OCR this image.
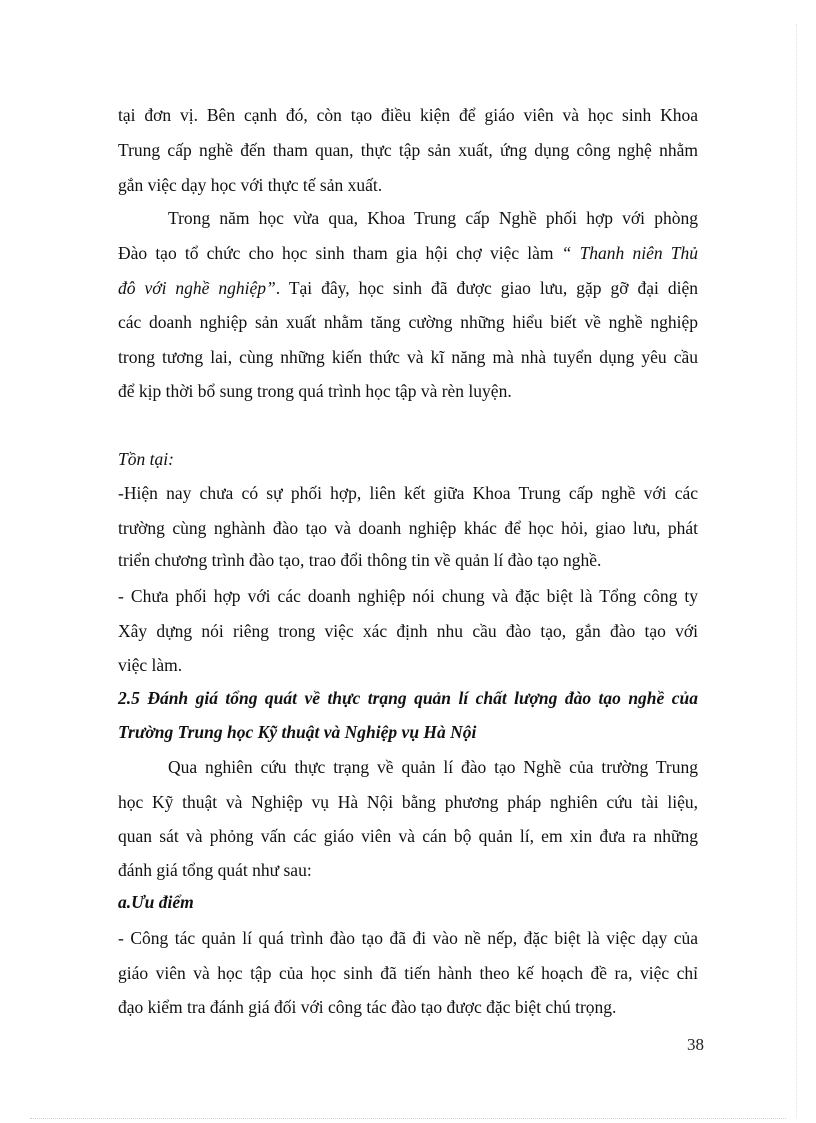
tại đơn vị. Bên cạnh đó, còn tạo điều kiện để giáo viên và học sinh Khoa
Trung cấp nghề đến tham quan, thực tập sản xuất, ứng dụng công nghệ nhằm
gắn việc dạy học với thực tế sản xuất.
Trong năm học vừa qua, Khoa Trung cấp Nghề phối hợp với phòng
Đào tạo tổ chức cho học sinh tham gia hội chợ việc làm “ Thanh niên Thủ
đô với nghề nghiệp”. Tại đây, học sinh đã được giao lưu, gặp gỡ đại diện
các doanh nghiệp sản xuất nhằm tăng cường những hiểu biết về nghề nghiệp
trong tương lai, cùng những kiến thức và kĩ năng mà nhà tuyển dụng yêu cầu
để kịp thời bổ sung trong quá trình học tập và rèn luyện.
Tồn tại:
-Hiện nay chưa có sự phối hợp, liên kết giữa Khoa Trung cấp nghề với các
trường cùng nghành đào tạo và doanh nghiệp khác để học hỏi, giao lưu, phát
triển chương trình đào tạo, trao đổi thông tin về quản lí đào tạo nghề.
- Chưa phối hợp với các doanh nghiệp nói chung và đặc biệt là Tổng công ty
Xây dựng nói riêng trong việc xác định nhu cầu đào tạo, gắn đào tạo với
việc làm.
2.5 Đánh giá tổng quát về thực trạng quản lí chất lượng đào tạo nghề của
Trường Trung học Kỹ thuật và Nghiệp vụ Hà Nội
Qua nghiên cứu thực trạng về quản lí đào tạo Nghề của trường Trung
học Kỹ thuật và Nghiệp vụ Hà Nội bằng phương pháp nghiên cứu tài liệu,
quan sát và phỏng vấn các giáo viên và cán bộ quản lí, em xin đưa ra những
đánh giá tổng quát như sau:
a.Ưu điểm
- Công tác quản lí quá trình đào tạo đã đi vào nề nếp, đặc biệt là việc dạy của
giáo viên và học tập của học sinh đã tiến hành theo kế hoạch đề ra, việc chỉ
đạo kiểm tra đánh giá đối với công tác đào tạo được đặc biệt chú trọng.
38
